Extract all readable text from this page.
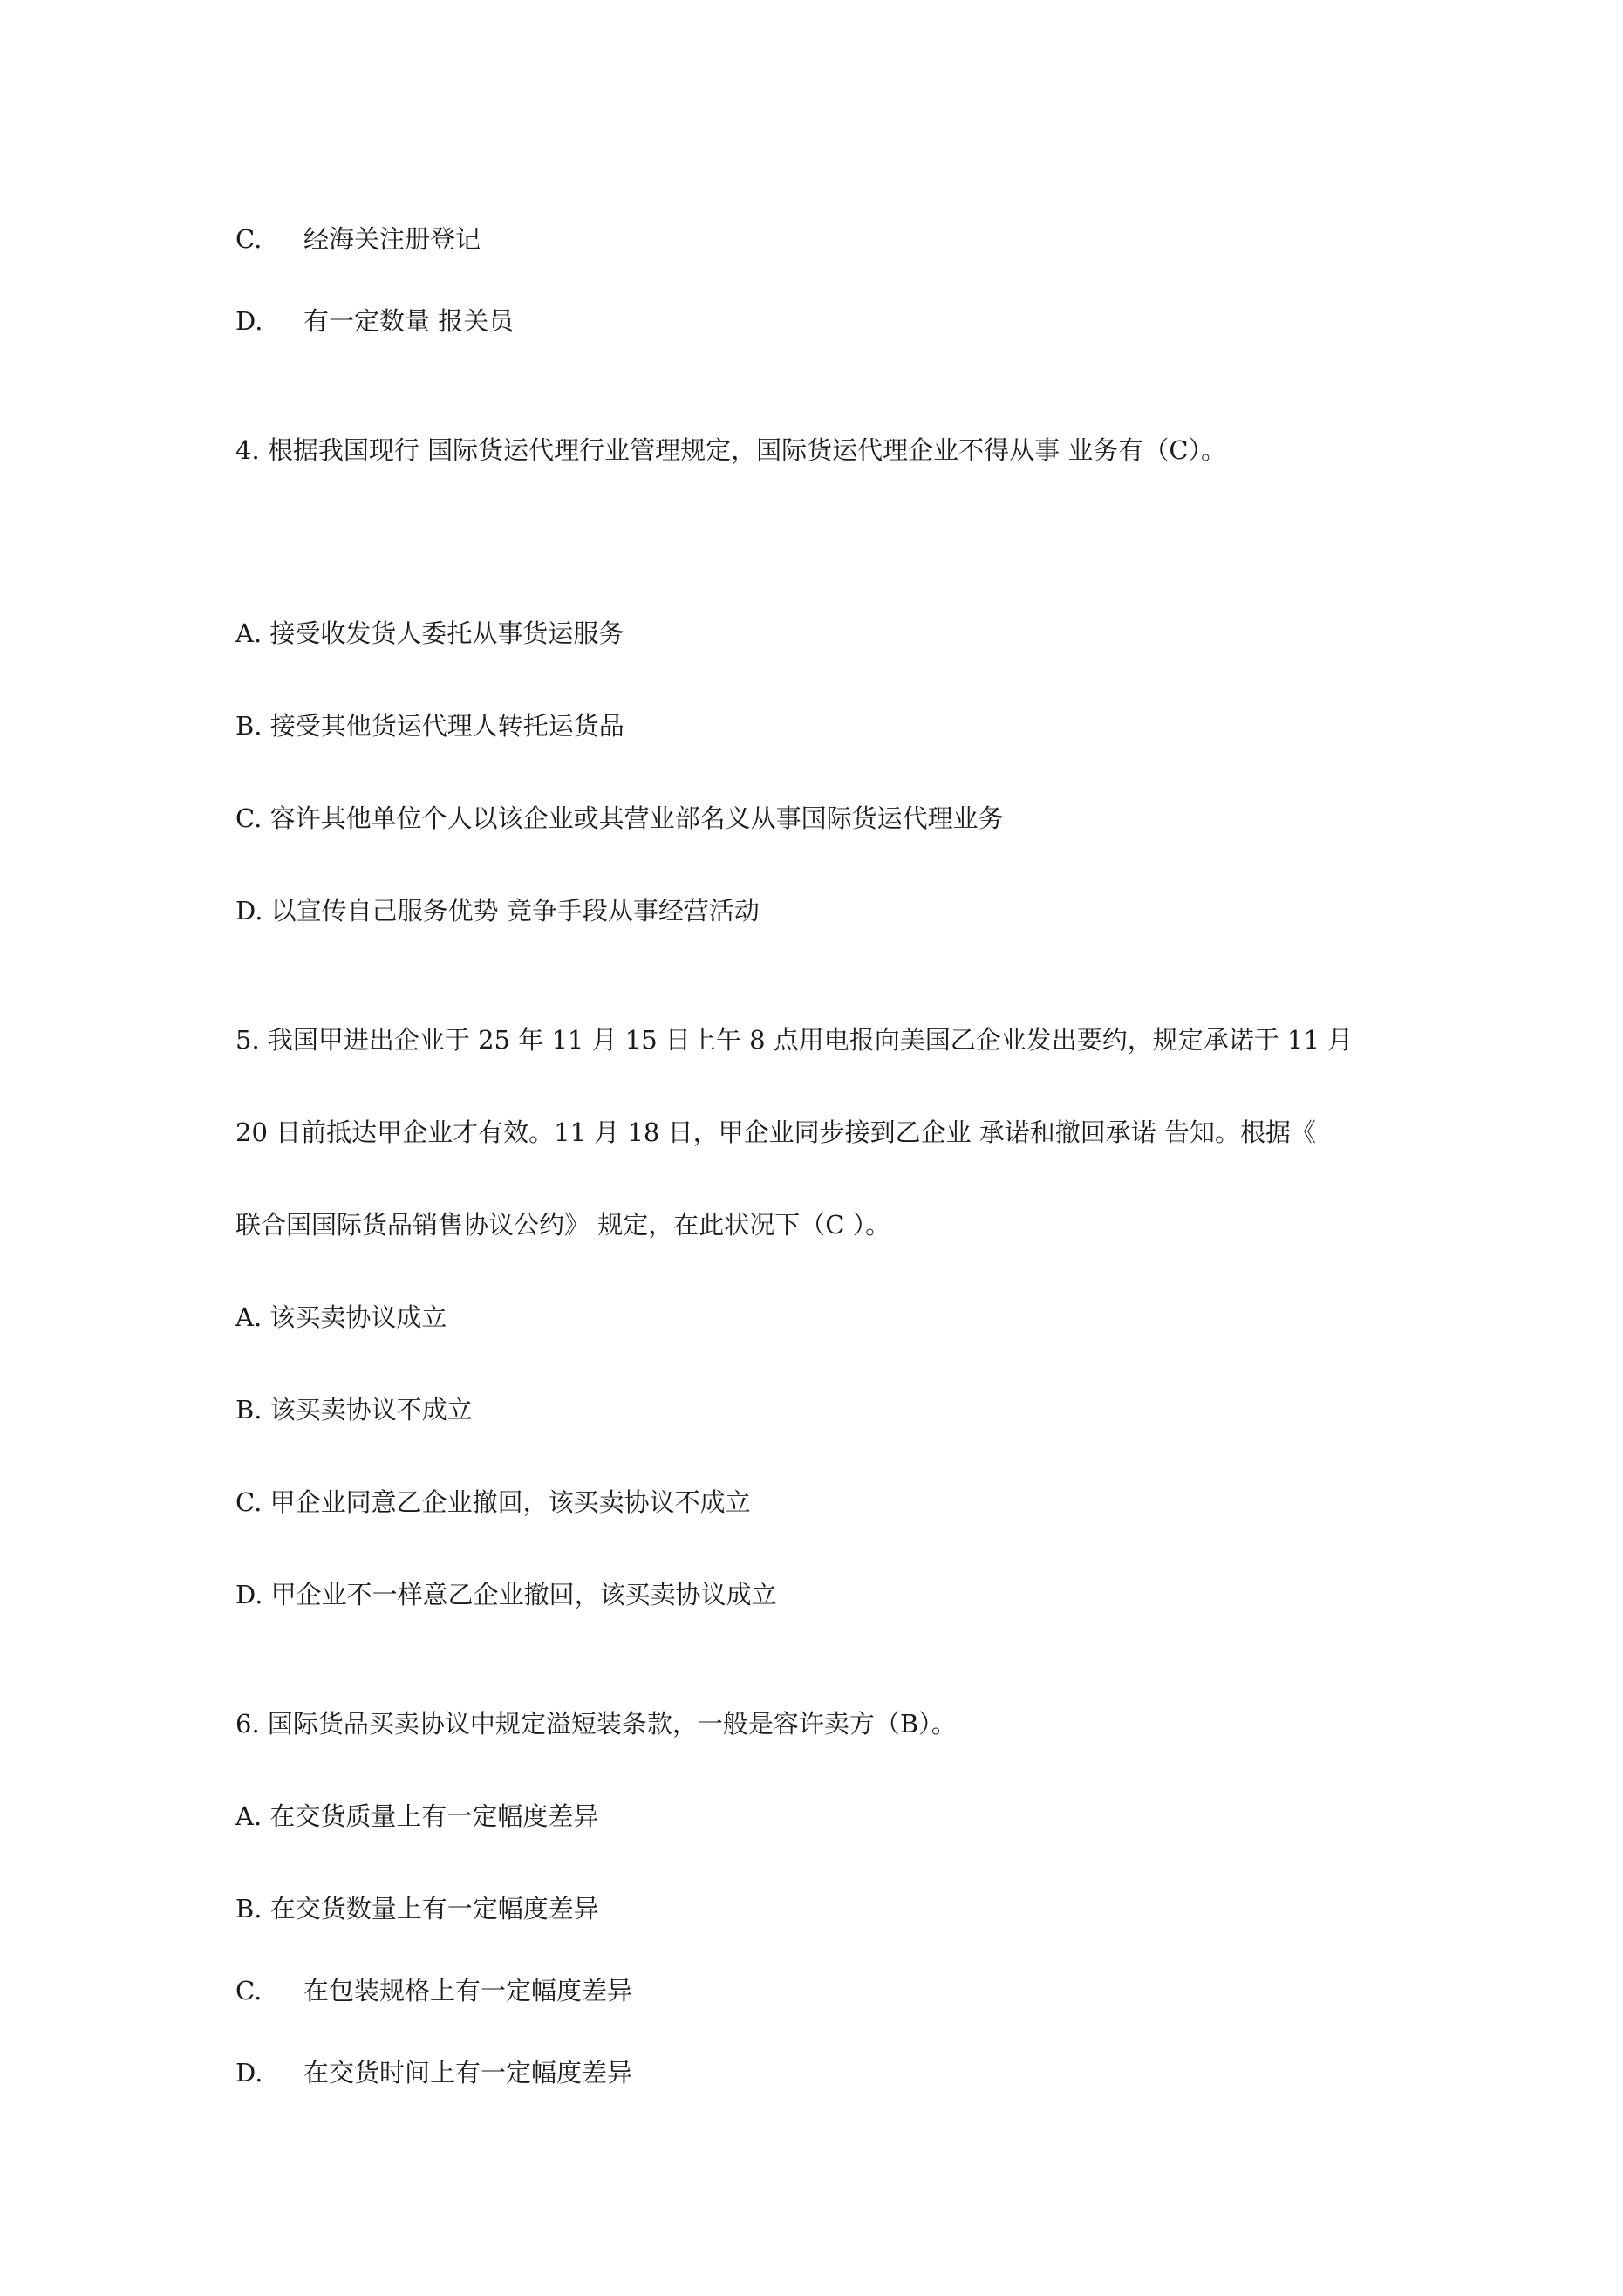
C. 经海关注册登记

D. 有一定数量 报关员

4. 根据我国现行 国际货运代理行业管理规定，国际货运代理企业不得从事 业务有（C）。

A. 接受收发货人委托从事货运服务

B. 接受其他货运代理人转托运货品

C. 容许其他单位个人以该企业或其营业部名义从事国际货运代理业务

D. 以宣传自己服务优势 竞争手段从事经营活动

5. 我国甲进出企业于 25 年 11 月 15 日上午 8 点用电报向美国乙企业发出要约，规定承诺于 11 月

20 日前抵达甲企业才有效。11 月 18 日，甲企业同步接到乙企业 承诺和撤回承诺 告知。根据《

联合国国际货品销售协议公约》 规定，在此状况下（C ）。

A. 该买卖协议成立

B. 该买卖协议不成立

C. 甲企业同意乙企业撤回，该买卖协议不成立

D. 甲企业不一样意乙企业撤回，该买卖协议成立

6. 国际货品买卖协议中规定溢短装条款，一般是容许卖方（B）。

A. 在交货质量上有一定幅度差异

B. 在交货数量上有一定幅度差异

C. 在包装规格上有一定幅度差异

D. 在交货时间上有一定幅度差异
